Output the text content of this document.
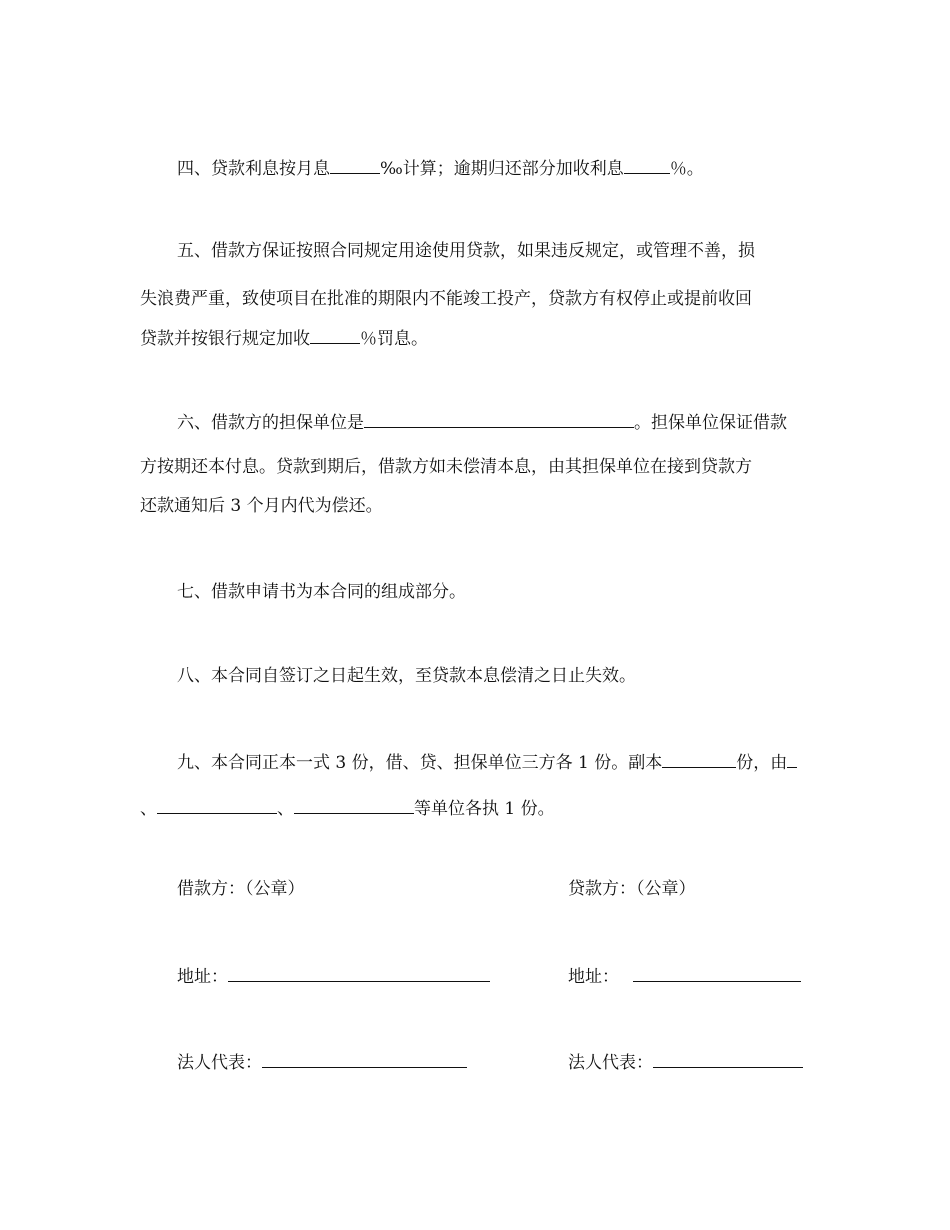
四、贷款利息按月息	‰计算；逾期归还部分加收利息	％。
五、借款方保证按照合同规定用途使用贷款，如果违反规定，或管理不善，损
失浪费严重，致使项目在批准的期限内不能竣工投产，贷款方有权停止或提前收回
贷款并按银行规定加收	％罚息。
六、借款方的担保单位是	。担保单位保证借款
方按期还本付息。贷款到期后，借款方如未偿清本息，由其担保单位在接到贷款方
还款通知后 3 个月内代为偿还。
七、借款申请书为本合同的组成部分。
八、本合同自签订之日起生效，至贷款本息偿清之日止失效。
九、本合同正本一式 3 份，借、贷、担保单位三方各 1 份。副本	份，由
、	、	等单位各执 1 份。
借款方：（公章）	贷款方：（公章）
地址：	地址：
法人代表：	法人代表：
